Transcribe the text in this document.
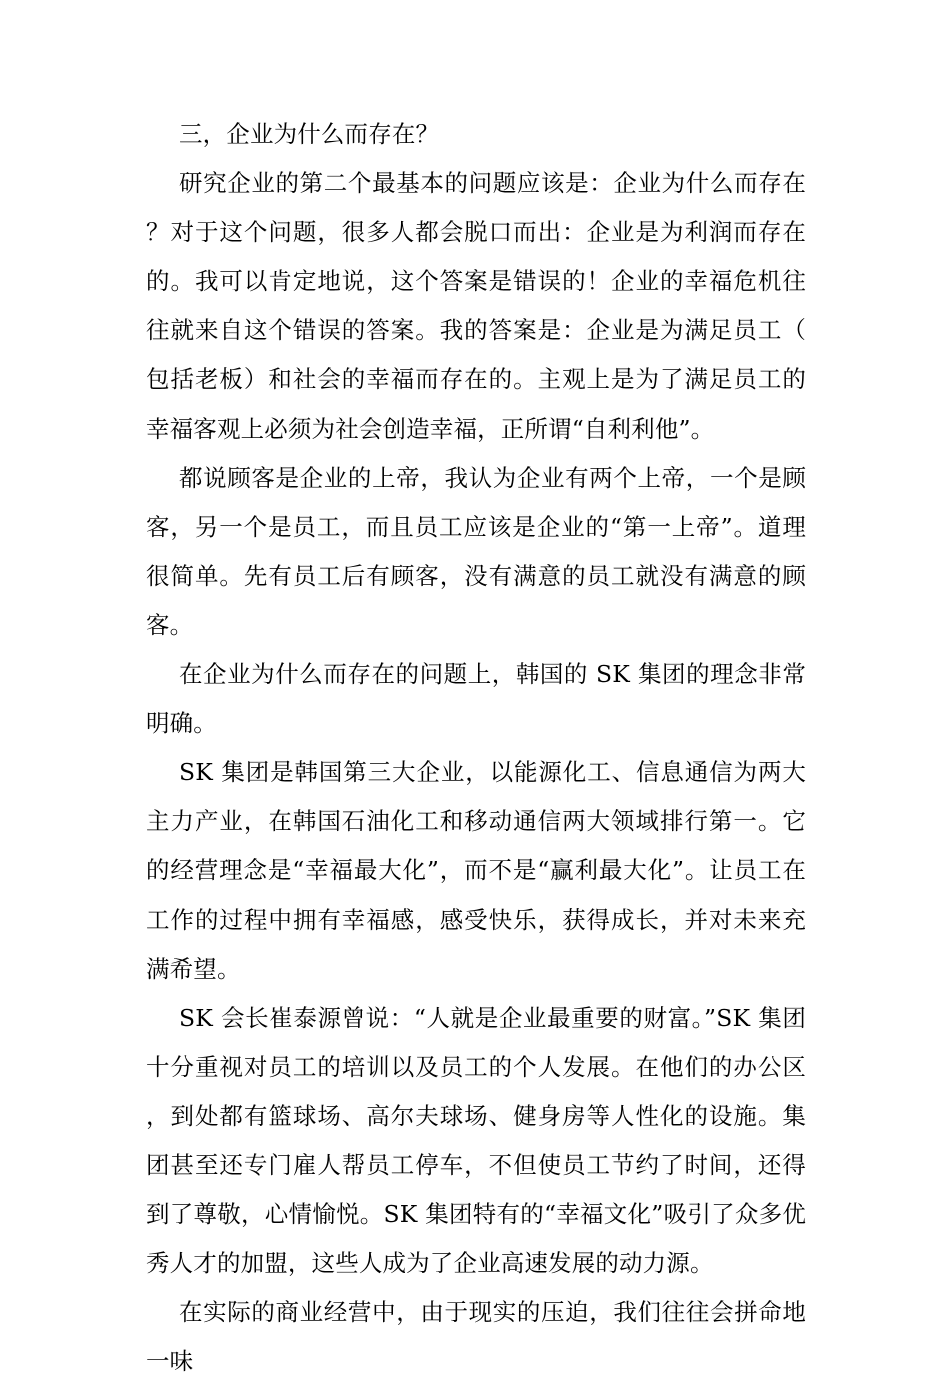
三，企业为什么而存在？

研究企业的第二个最基本的问题应该是：企业为什么而存在？对于这个问题，很多人都会脱口而出：企业是为利润而存在的。我可以肯定地说，这个答案是错误的！企业的幸福危机往往就来自这个错误的答案。我的答案是：企业是为满足员工（包括老板）和社会的幸福而存在的。主观上是为了满足员工的幸福客观上必须为社会创造幸福，正所谓“自利利他”。

都说顾客是企业的上帝，我认为企业有两个上帝，一个是顾客，另一个是员工，而且员工应该是企业的“第一上帝”。道理很简单。先有员工后有顾客，没有满意的员工就没有满意的顾客。

在企业为什么而存在的问题上，韩国的 SK 集团的理念非常明确。

SK 集团是韩国第三大企业，以能源化工、信息通信为两大主力产业，在韩国石油化工和移动通信两大领域排行第一。它的经营理念是“幸福最大化”，而不是“赢利最大化”。让员工在工作的过程中拥有幸福感，感受快乐，获得成长，并对未来充满希望。

SK 会长崔泰源曾说：“人就是企业最重要的财富。”SK 集团十分重视对员工的培训以及员工的个人发展。在他们的办公区，到处都有篮球场、高尔夫球场、健身房等人性化的设施。集团甚至还专门雇人帮员工停车，不但使员工节约了时间，还得到了尊敬，心情愉悦。SK 集团特有的“幸福文化”吸引了众多优秀人才的加盟，这些人成为了企业高速发展的动力源。

在实际的商业经营中，由于现实的压迫，我们往往会拼命地一味
